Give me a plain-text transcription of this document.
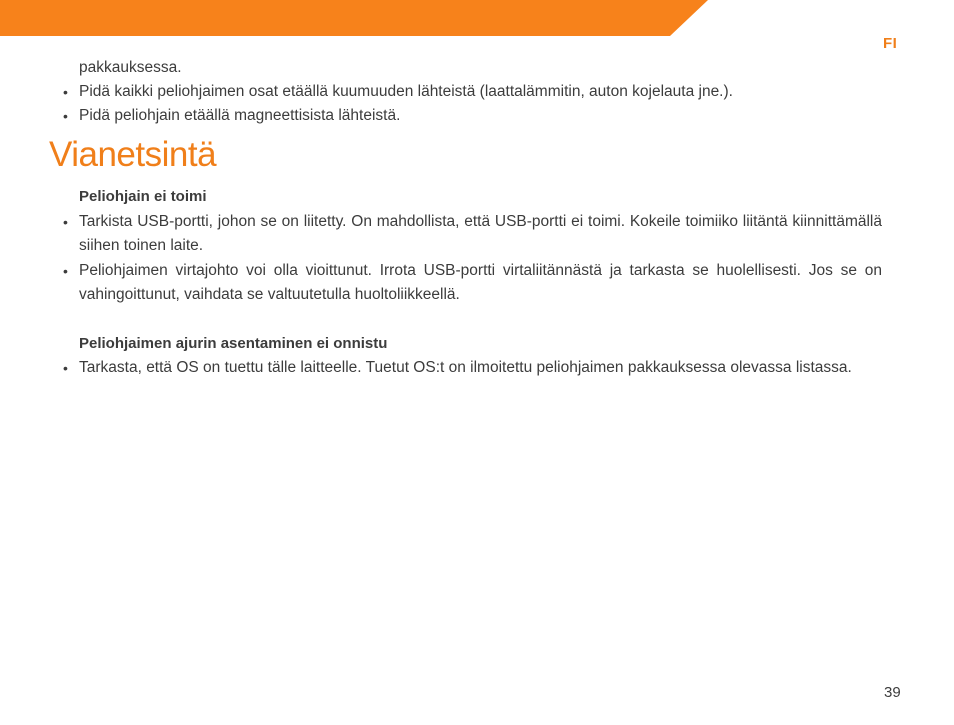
FI
pakkauksessa.
• Pidä kaikki peliohjaimen osat etäällä kuumuuden lähteistä (laattalämmitin, auton kojelauta jne.).
• Pidä peliohjain etäällä magneettisista lähteistä.
Vianetsintä
Peliohjain ei toimi
• Tarkista USB-portti, johon se on liitetty. On mahdollista, että USB-portti ei toimi. Kokeile toimiiko liitäntä kiinnittämällä siihen toinen laite.
• Peliohjaimen virtajohto voi olla vioittunut. Irrota USB-portti virtaliitännästä ja tarkasta se huolellisesti. Jos se on vahingoittunut, vaihdata se valtuutetulla huoltoliikkeellä.
Peliohjaimen ajurin asentaminen ei onnistu
• Tarkasta, että OS on tuettu tälle laitteelle. Tuetut OS:t on ilmoitettu peliohjaimen pakkauksessa olevassa listassa.
39
